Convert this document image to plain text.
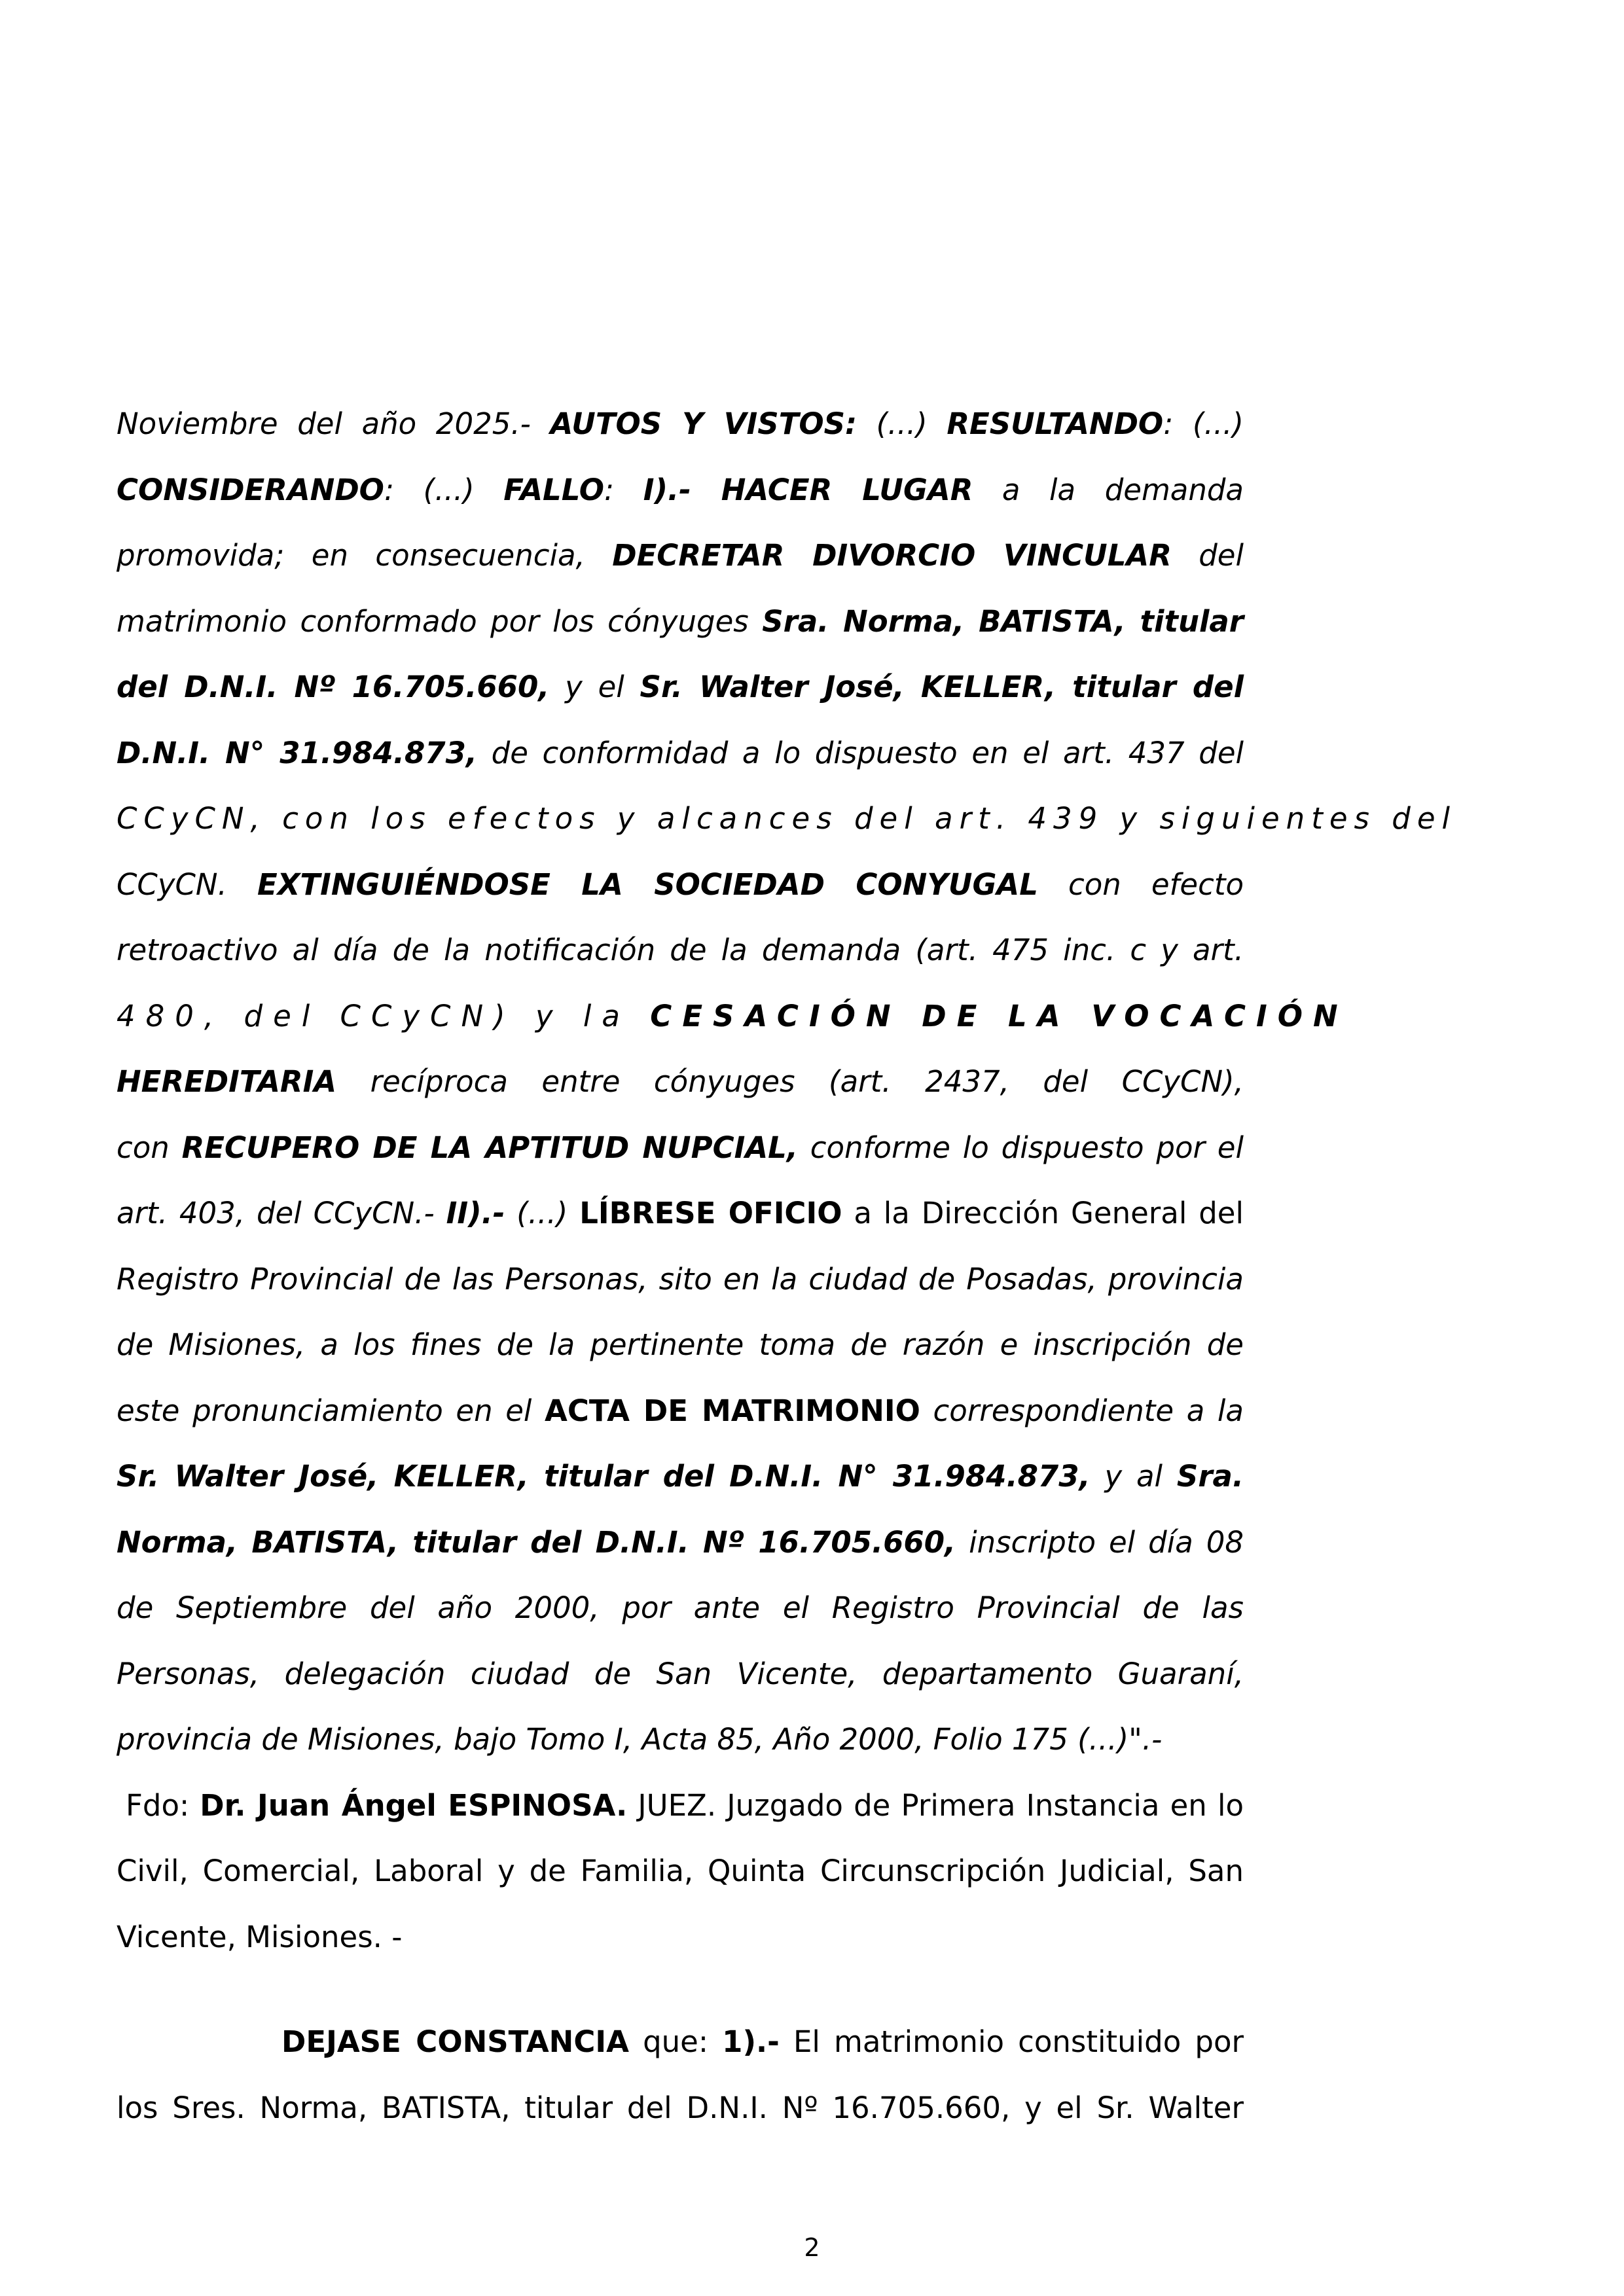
Noviembre del año 2025.- AUTOS Y VISTOS: (...) RESULTANDO: (...)
CONSIDERANDO: (...) FALLO: I).- HACER LUGAR a la demanda
promovida; en consecuencia, DECRETAR DIVORCIO VINCULAR del
matrimonio conformado por los cónyuges Sra. Norma, BATISTA, titular
del D.N.I. Nº 16.705.660, y el Sr. Walter José, KELLER, titular del
D.N.I. N° 31.984.873, de conformidad a lo dispuesto en el art. 437 del
CCyCN, con los efectos y alcances del art. 439 y siguientes del
CCyCN. EXTINGUIÉNDOSE LA SOCIEDAD CONYUGAL con efecto
retroactivo al día de la notificación de la demanda (art. 475 inc. c y art.
480, del CCyCN) y la CESACIÓN DE LA VOCACIÓN
HEREDITARIA recíproca entre cónyuges (art. 2437, del CCyCN),
con RECUPERO DE LA APTITUD NUPCIAL, conforme lo dispuesto por el
art. 403, del CCyCN.- II).- (...) LÍBRESE OFICIO a la Dirección General del
Registro Provincial de las Personas, sito en la ciudad de Posadas, provincia
de Misiones, a los fines de la pertinente toma de razón e inscripción de
este pronunciamiento en el ACTA DE MATRIMONIO correspondiente a la
Sr. Walter José, KELLER, titular del D.N.I. N° 31.984.873, y al Sra.
Norma, BATISTA, titular del D.N.I. Nº 16.705.660, inscripto el día 08
de Septiembre del año 2000, por ante el Registro Provincial de las
Personas, delegación ciudad de San Vicente, departamento Guaraní,
provincia de Misiones, bajo Tomo I, Acta 85, Año 2000, Folio 175 (...)".-
Fdo: Dr. Juan Ángel ESPINOSA. JUEZ. Juzgado de Primera Instancia en lo
Civil, Comercial, Laboral y de Familia, Quinta Circunscripción Judicial, San
Vicente, Misiones. -
DEJASE CONSTANCIA que: 1).- El matrimonio constituido por
los Sres. Norma, BATISTA, titular del D.N.I. Nº 16.705.660, y el Sr. Walter
2
